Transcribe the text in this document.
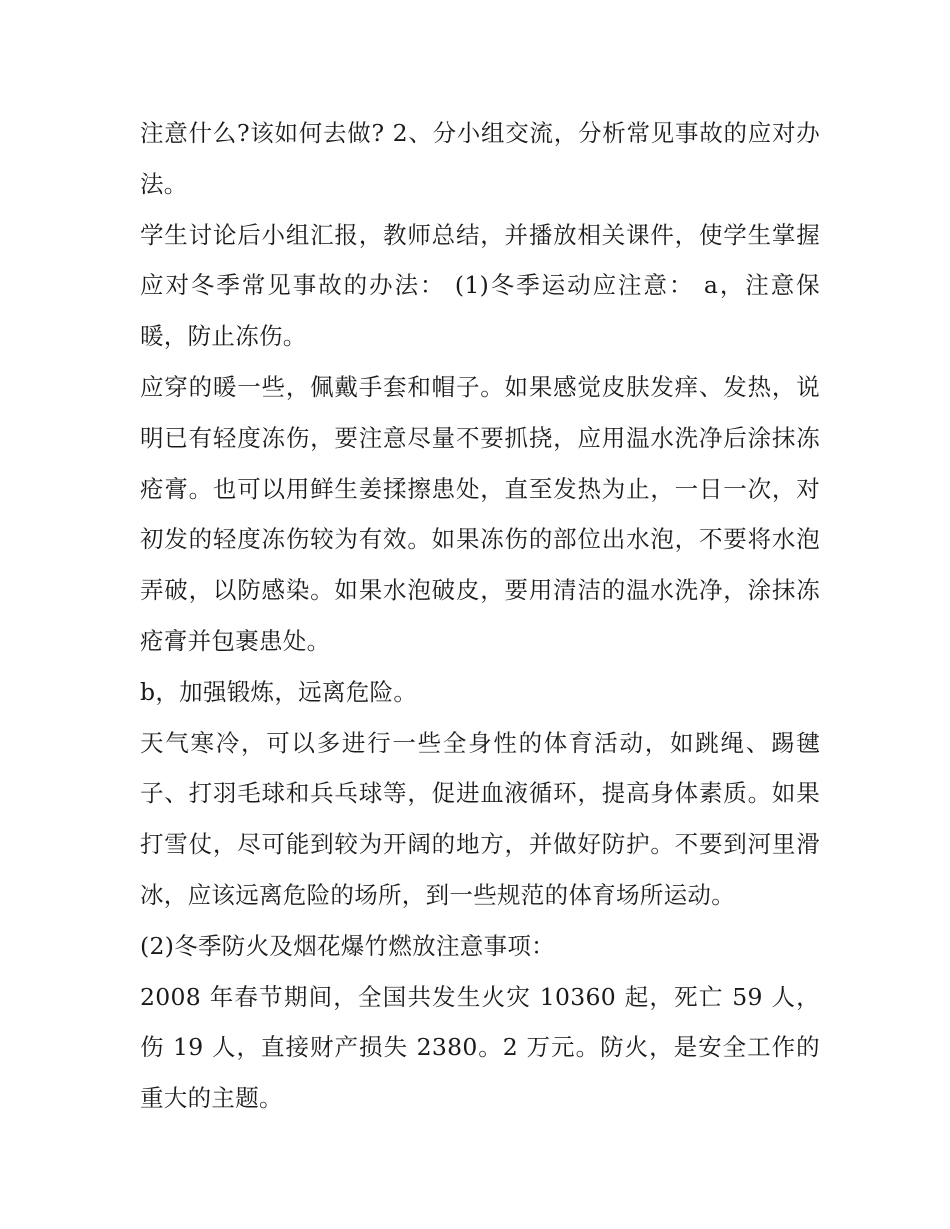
注意什么?该如何去做? 2、分小组交流，分析常见事故的应对办法。

学生讨论后小组汇报，教师总结，并播放相关课件，使学生掌握应对冬季常见事故的办法： (1)冬季运动应注意： a，注意保暖，防止冻伤。

应穿的暖一些，佩戴手套和帽子。如果感觉皮肤发痒、发热，说明已有轻度冻伤，要注意尽量不要抓挠，应用温水洗净后涂抹冻疮膏。也可以用鲜生姜揉擦患处，直至发热为止，一日一次，对初发的轻度冻伤较为有效。如果冻伤的部位出水泡，不要将水泡弄破，以防感染。如果水泡破皮，要用清洁的温水洗净，涂抹冻疮膏并包裹患处。

b，加强锻炼，远离危险。

天气寒冷，可以多进行一些全身性的体育活动，如跳绳、踢毽子、打羽毛球和兵乓球等，促进血液循环，提高身体素质。如果打雪仗，尽可能到较为开阔的地方，并做好防护。不要到河里滑冰，应该远离危险的场所，到一些规范的体育场所运动。

(2)冬季防火及烟花爆竹燃放注意事项：

2008 年春节期间，全国共发生火灾 10360 起，死亡 59 人，伤 19 人，直接财产损失 2380。2 万元。防火，是安全工作的重大的主题。
